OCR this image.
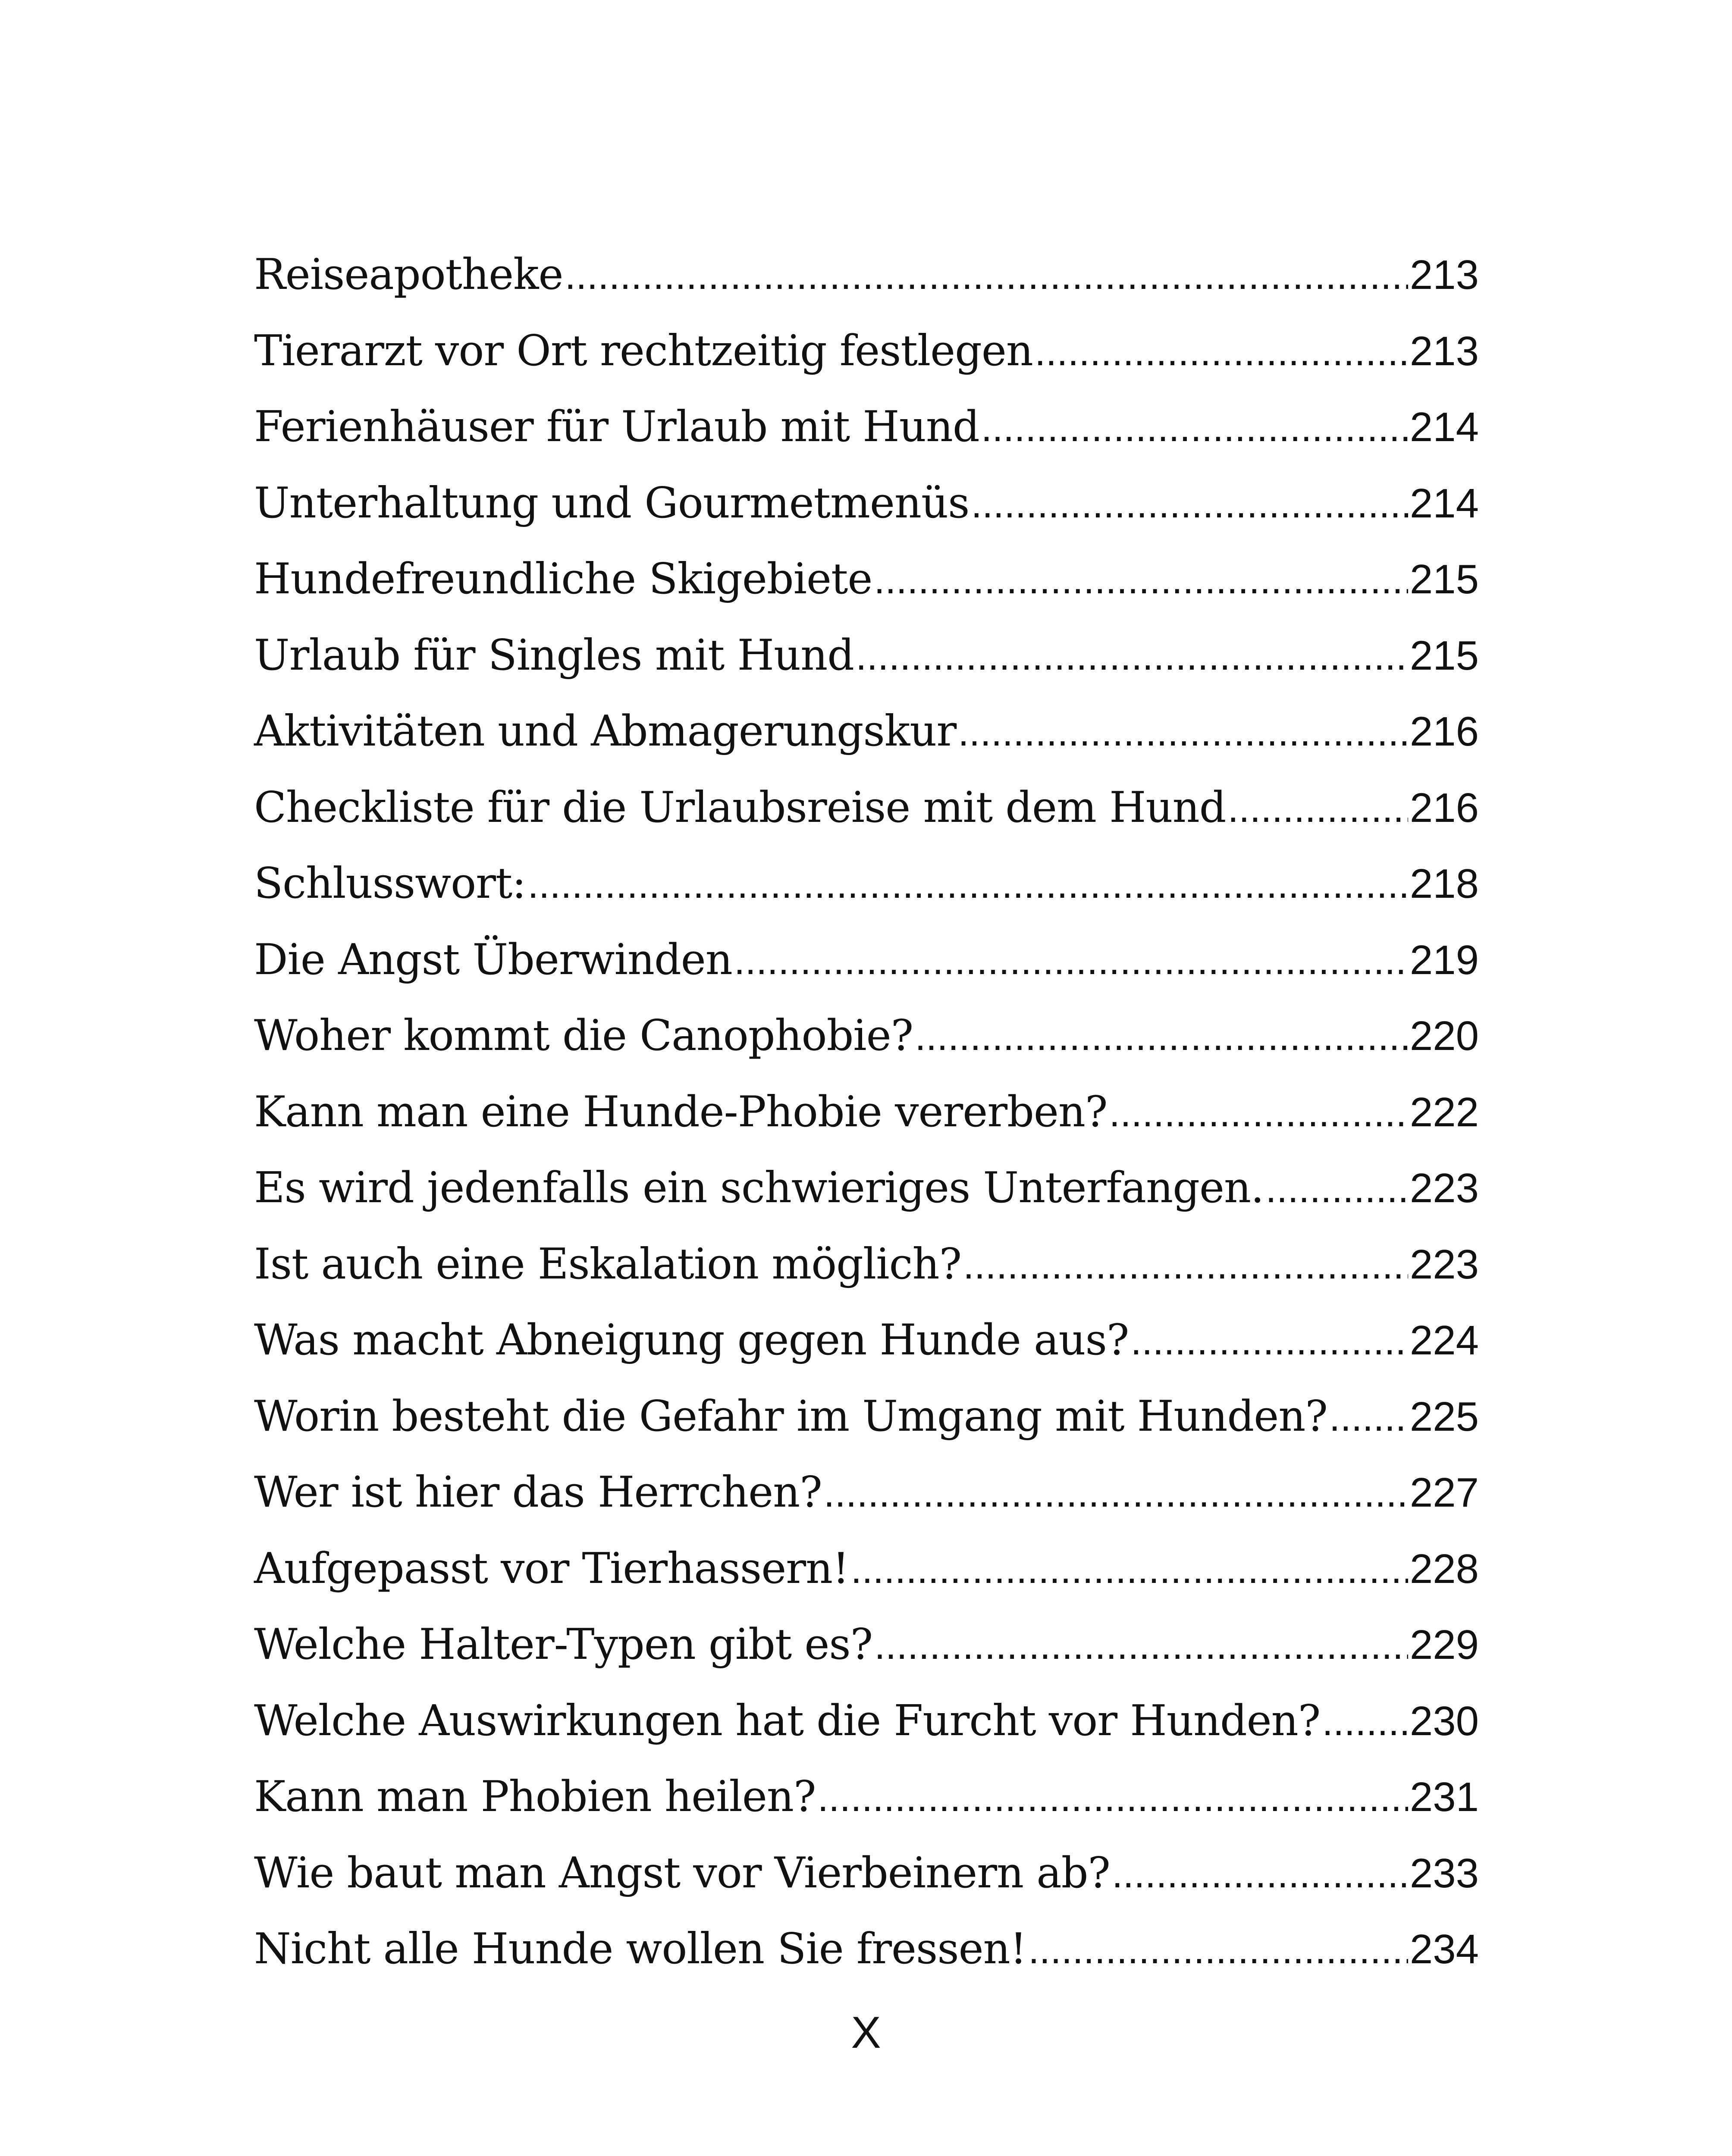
Reiseapotheke .....	213
Tierarzt vor Ort rechtzeitig festlegen .....	213
Ferienhäuser für Urlaub mit Hund .....	214
Unterhaltung und Gourmetmenüs .....	214
Hundefreundliche Skigebiete .....	215
Urlaub für Singles mit Hund .....	215
Aktivitäten und Abmagerungskur .....	216
Checkliste für die Urlaubsreise mit dem Hund .....	216
Schlusswort: .....	218
Die Angst Überwinden .....	219
Woher kommt die Canophobie? .....	220
Kann man eine Hunde-Phobie vererben? .....	222
Es wird jedenfalls ein schwieriges Unterfangen. .....	223
Ist auch eine Eskalation möglich? .....	223
Was macht Abneigung gegen Hunde aus? .....	224
Worin besteht die Gefahr im Umgang mit Hunden? ..... 225
Wer ist hier das Herrchen? .....	227
Aufgepasst vor Tierhassern! .....	228
Welche Halter-Typen gibt es? .....	229
Welche Auswirkungen hat die Furcht vor Hunden? ..... 230
Kann man Phobien heilen? .....	231
Wie baut man Angst vor Vierbeinern ab? .....	233
Nicht alle Hunde wollen Sie fressen! .....	234
X
